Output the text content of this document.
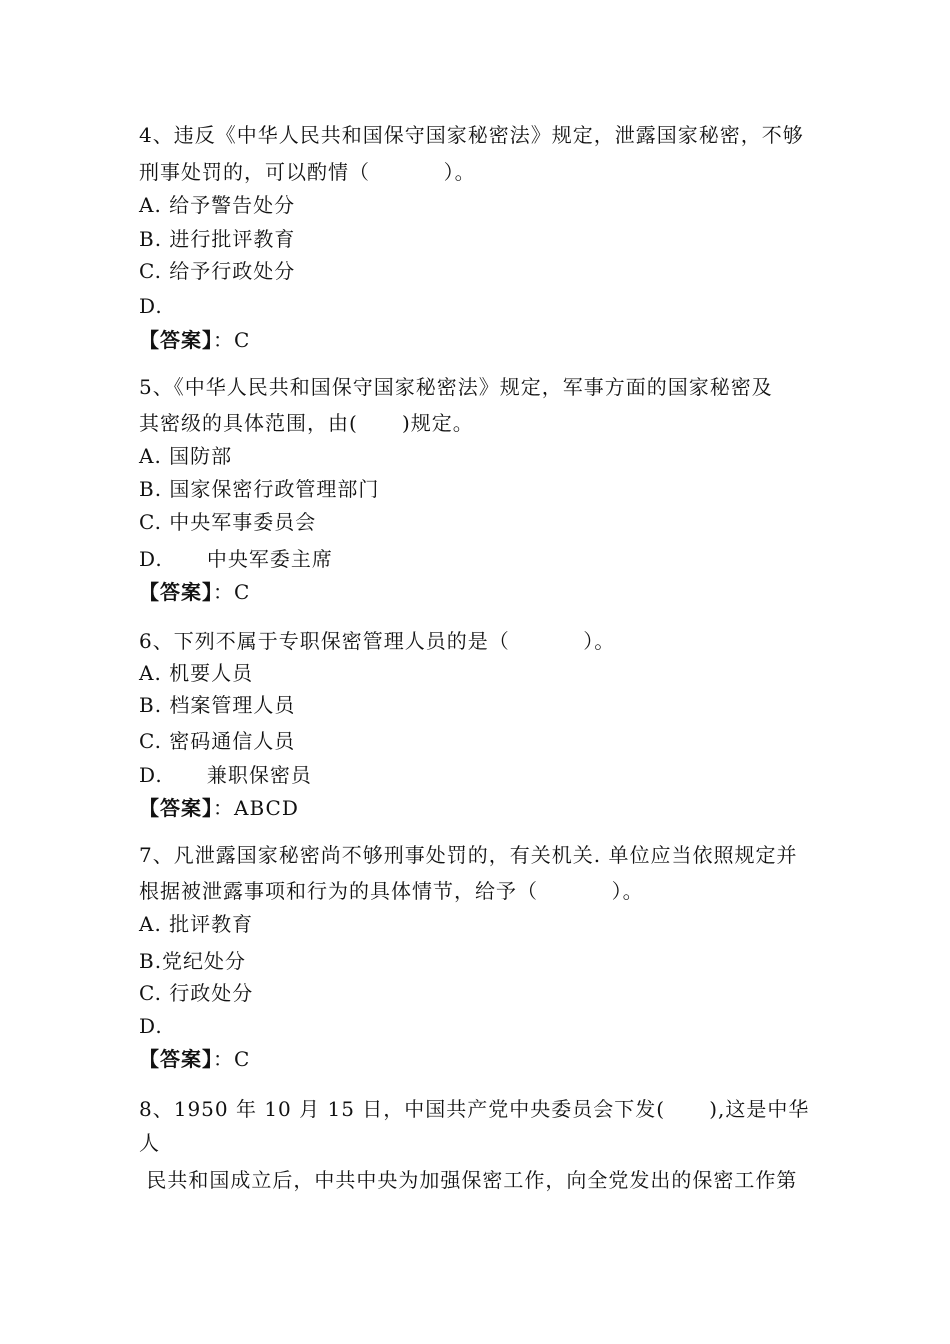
4、违反《中华人民共和国保守国家秘密法》规定，泄露国家秘密，不够
刑事处罚的，可以酌情（          ）。
A. 给予警告处分
B. 进行批评教育
C. 给予行政处分
D.
【答案】：C
5、《中华人民共和国保守国家秘密法》规定，军事方面的国家秘密及
其密级的具体范围，由(      )规定。
A. 国防部
B. 国家保密行政管理部门
C. 中央军事委员会
D.      中央军委主席
【答案】：C
6、下列不属于专职保密管理人员的是（          ）。
A. 机要人员
B. 档案管理人员
C. 密码通信人员
D.      兼职保密员
【答案】：ABCD
7、凡泄露国家秘密尚不够刑事处罚的，有关机关. 单位应当依照规定并
根据被泄露事项和行为的具体情节，给予（          ）。
A. 批评教育
B.党纪处分
C. 行政处分
D.
【答案】：C
8、1950 年 10 月 15 日，中国共产党中央委员会下发(      ),这是中华
人
民共和国成立后，中共中央为加强保密工作，向全党发出的保密工作第
